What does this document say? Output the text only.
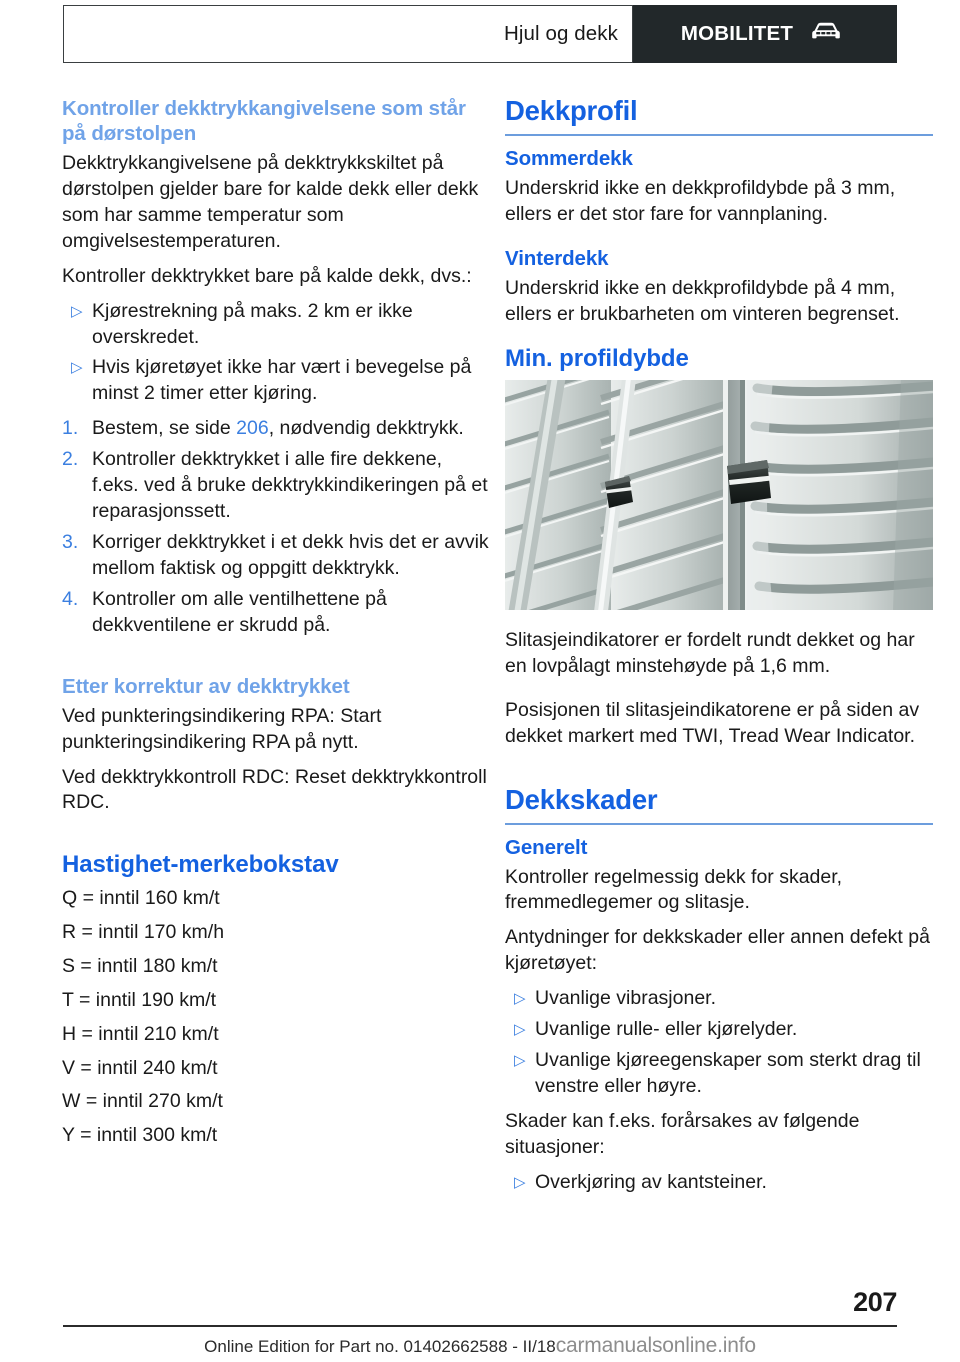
Hjul og dekk	MOBILITET
Kontroller dekktrykkangivelsene som står på dørstolpen

Dekktrykkangivelsene på dekktrykkskiltet på dørstolpen gjelder bare for kalde dekk eller dekk som har samme temperatur som omgivelsestemperaturen.

Kontroller dekktrykket bare på kalde dekk, dvs.:

▷ Kjørestrekning på maks. 2 km er ikke overskredet.
▷ Hvis kjøretøyet ikke har vært i bevegelse på minst 2 timer etter kjøring.
1. Bestem, se side 206, nødvendig dekktrykk.
2. Kontroller dekktrykket i alle fire dekkene, f.eks. ved å bruke dekktrykkindikeringen på et reparasjonssett.
3. Korriger dekktrykket i et dekk hvis det er avvik mellom faktisk og oppgitt dekktrykk.
4. Kontroller om alle ventilhettene på dekkventilene er skrudd på.
Etter korrektur av dekktrykket

Ved punkteringsindikering RPA: Start punkteringsindikering RPA på nytt.

Ved dekktrykkontroll RDC: Reset dekktrykkontroll RDC.

Hastighet-merkebokstav
Q = inntil 160 km/t
R = inntil 170 km/h
S = inntil 180 km/t
T = inntil 190 km/t
H = inntil 210 km/t
V = inntil 240 km/t
W = inntil 270 km/t
Y = inntil 300 km/t
Dekkprofil
Sommerdekk

Underskrid ikke en dekkprofildybde på 3 mm, ellers er det stor fare for vannplaning.

Vinterdekk

Underskrid ikke en dekkprofildybde på 4 mm, ellers er brukbarheten om vinteren begrenset.

Min. profildybde

Slitasjeindikatorer er fordelt rundt dekket og har en lovpålagt minstehøyde på 1,6 mm.

Posisjonen til slitasjeindikatorene er på siden av dekket markert med TWI, Tread Wear Indicator.

Dekkskader
Generelt

Kontroller regelmessig dekk for skader, fremmedlegemer og slitasje.

Antydninger for dekkskader eller annen defekt på kjøretøyet:

▷ Uvanlige vibrasjoner.
▷ Uvanlige rulle- eller kjørelyder.
▷ Uvanlige kjøreegenskaper som sterkt drag til venstre eller høyre.

Skader kan f.eks. forårsakes av følgende situasjoner:

▷ Overkjøring av kantsteiner.
207
Online Edition for Part no. 01402662588 - II/18carmanualsonline.info
